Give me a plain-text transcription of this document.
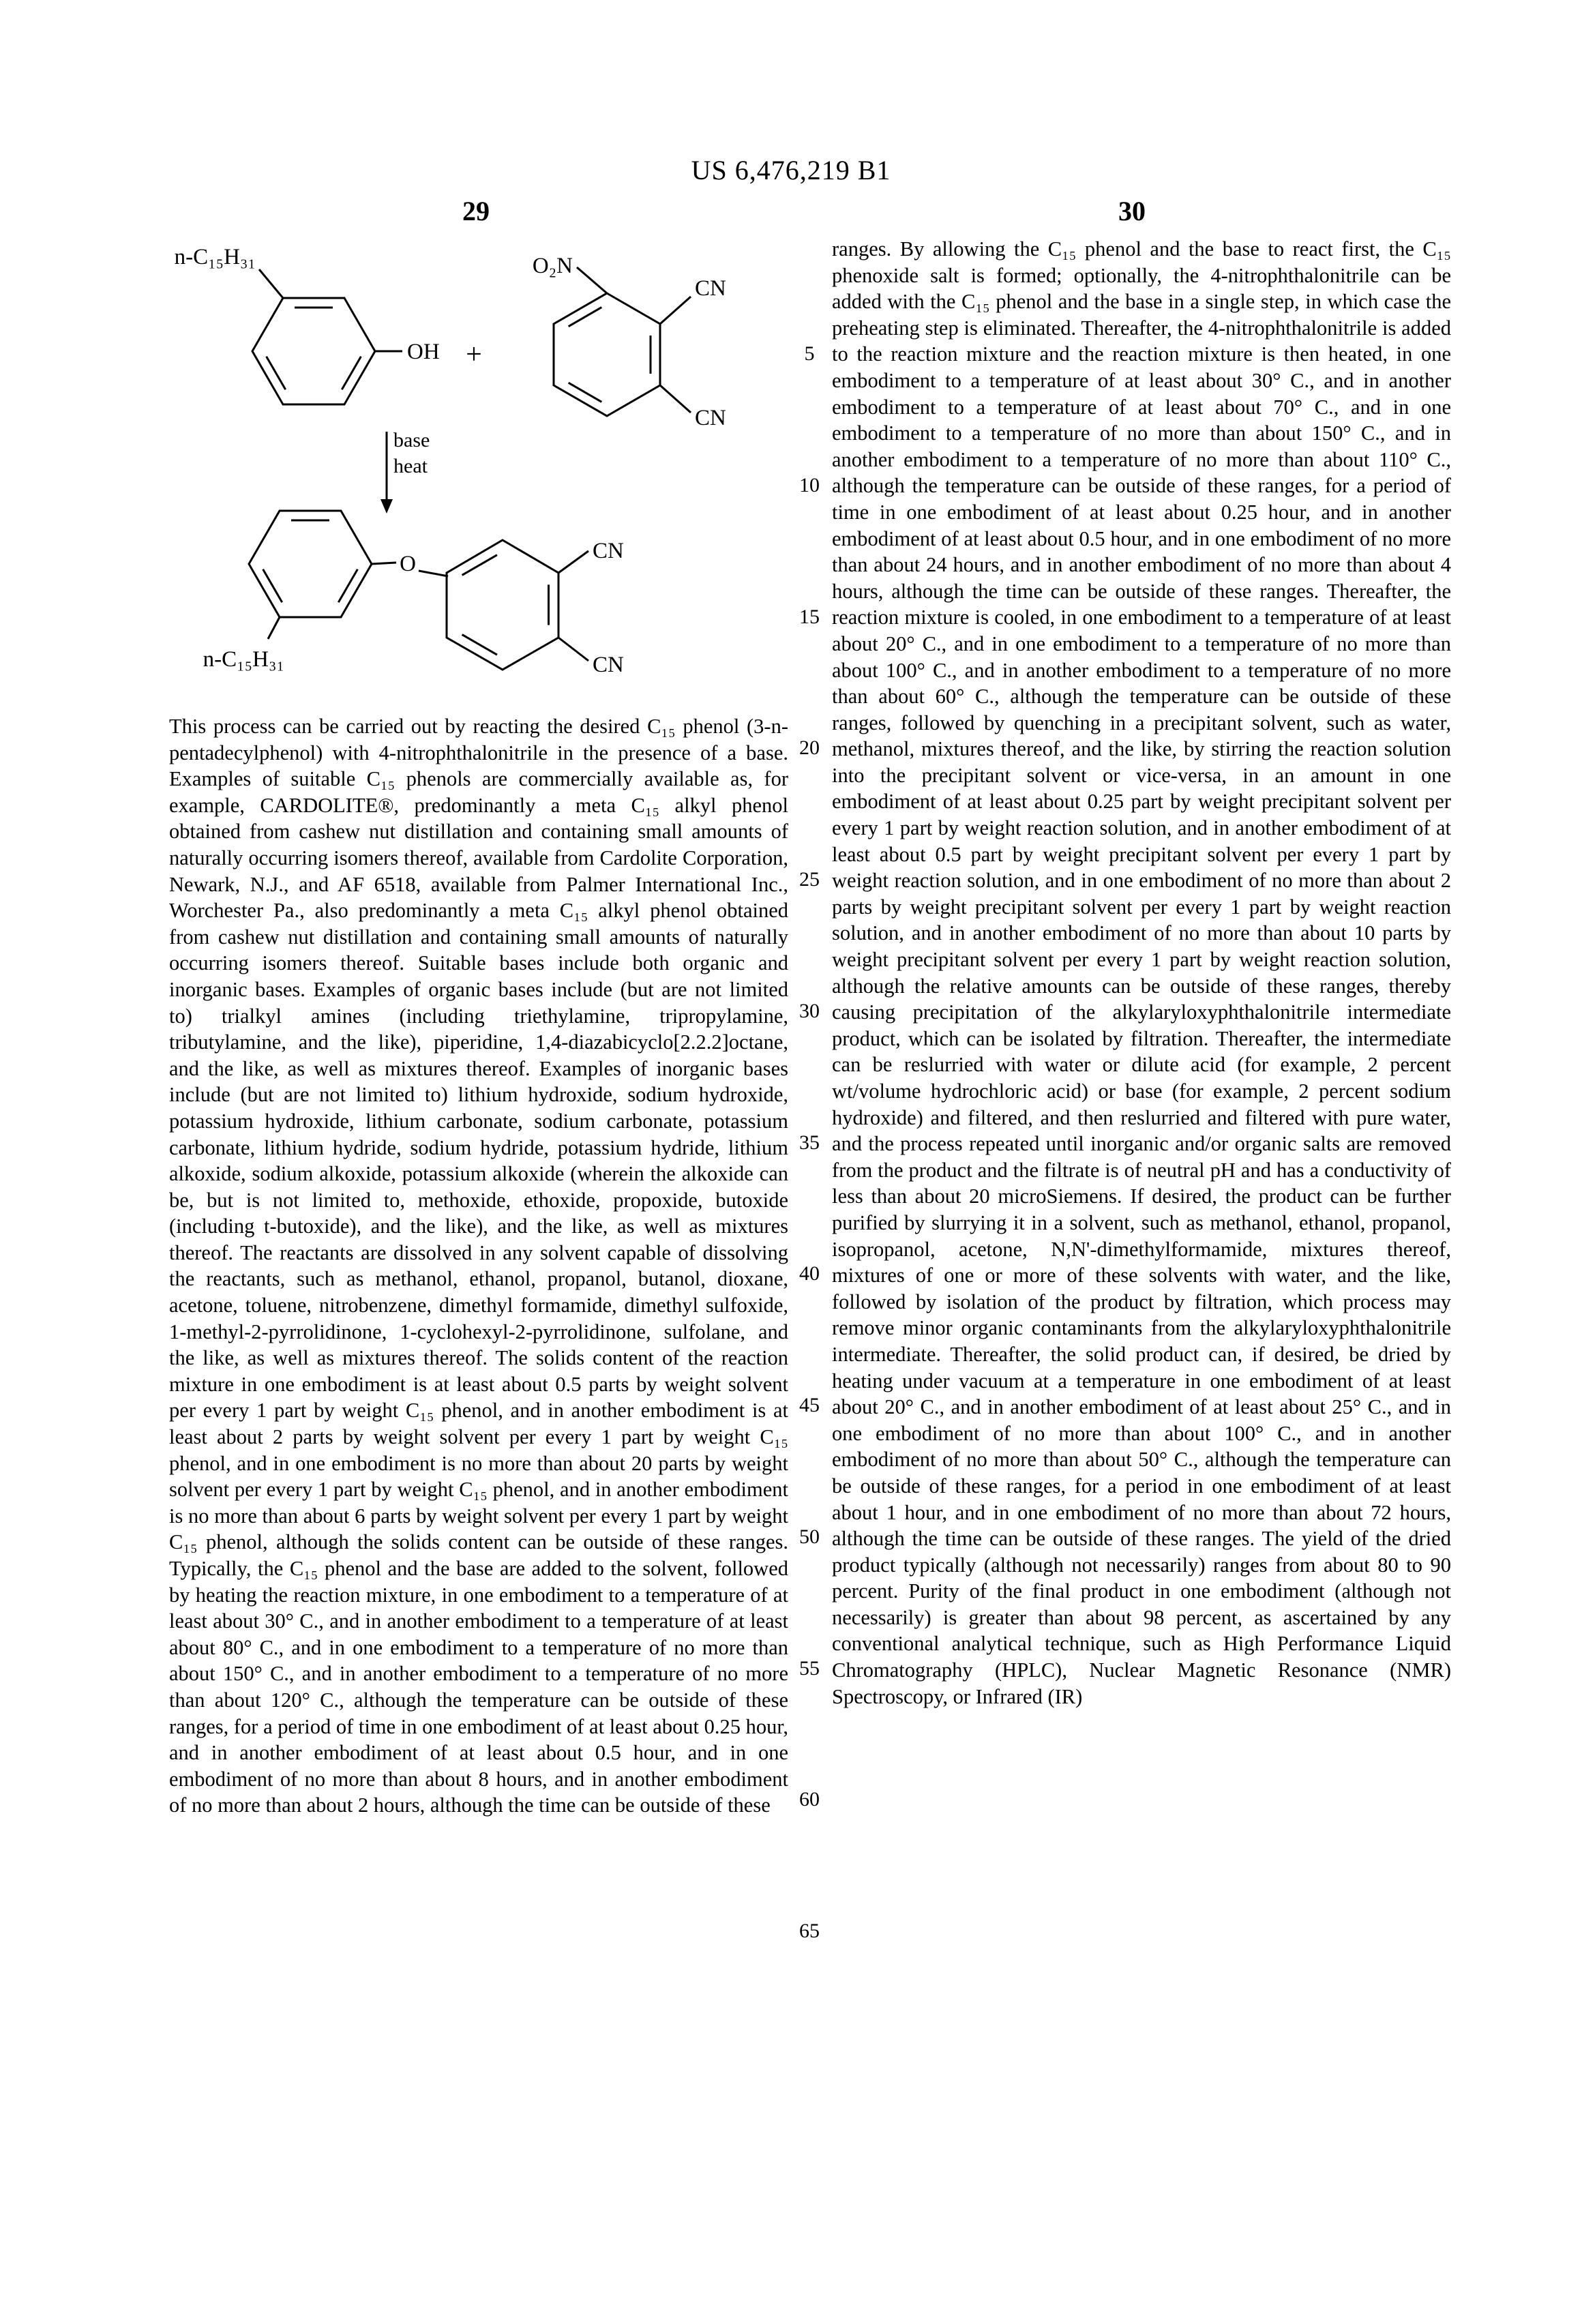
US 6,476,219 B1
29	30
n-C₁₅H₃₁
OH +
O₂N
CN
CN
base
heat
n-C₁₅H₃₁
O
CN
CN
This process can be carried out by reacting the desired C₁₅ phenol (3-n-pentadecylphenol) with 4-nitrophthalonitrile in the presence of a base. Examples of suitable C₁₅ phenols are commercially available as, for example, CARDOLITE®, predominantly a meta C₁₅ alkyl phenol obtained from cashew nut distillation and containing small amounts of naturally occurring isomers thereof, available from Cardolite Corporation, Newark, N.J., and AF 6518, available from Palmer International Inc., Worchester Pa., also predominantly a meta C₁₅ alkyl phenol obtained from cashew nut distillation and containing small amounts of naturally occurring isomers thereof. Suitable bases include both organic and inorganic bases. Examples of organic bases include (but are not limited to) trialkyl amines (including triethylamine, tripropylamine, tributylamine, and the like), piperidine, 1,4-diazabicyclo[2.2.2]octane, and the like, as well as mixtures thereof. Examples of inorganic bases include (but are not limited to) lithium hydroxide, sodium hydroxide, potassium hydroxide, lithium carbonate, sodium carbonate, potassium carbonate, lithium hydride, sodium hydride, potassium hydride, lithium alkoxide, sodium alkoxide, potassium alkoxide (wherein the alkoxide can be, but is not limited to, methoxide, ethoxide, propoxide, butoxide (including t-butoxide), and the like), and the like, as well as mixtures thereof. The reactants are dissolved in any solvent capable of dissolving the reactants, such as methanol, ethanol, propanol, butanol, dioxane, acetone, toluene, nitrobenzene, dimethyl formamide, dimethyl sulfoxide, 1-methyl-2-pyrrolidinone, 1-cyclohexyl-2-pyrrolidinone, sulfolane, and the like, as well as mixtures thereof. The solids content of the reaction mixture in one embodiment is at least about 0.5 parts by weight solvent per every 1 part by weight C₁₅ phenol, and in another embodiment is at least about 2 parts by weight solvent per every 1 part by weight C₁₅ phenol, and in one embodiment is no more than about 20 parts by weight solvent per every 1 part by weight C₁₅ phenol, and in another embodiment is no more than about 6 parts by weight solvent per every 1 part by weight C₁₅ phenol, although the solids content can be outside of these ranges. Typically, the C₁₅ phenol and the base are added to the solvent, followed by heating the reaction mixture, in one embodiment to a temperature of at least about 30° C., and in another embodiment to a temperature of at least about 80° C., and in one embodiment to a temperature of no more than about 150° C., and in another embodiment to a temperature of no more than about 120° C., although the temperature can be outside of these ranges, for a period of time in one embodiment of at least about 0.25 hour, and in another embodiment of at least about 0.5 hour, and in one embodiment of no more than about 8 hours, and in another embodiment of no more than about 2 hours, although the time can be outside of these
ranges. By allowing the C₁₅ phenol and the base to react first, the C₁₅ phenoxide salt is formed; optionally, the 4-nitrophthalonitrile can be added with the C₁₅ phenol and the base in a single step, in which case the preheating step is eliminated. Thereafter, the 4-nitrophthalonitrile is added to the reaction mixture and the reaction mixture is then heated, in one embodiment to a temperature of at least about 30° C., and in another embodiment to a temperature of at least about 70° C., and in one embodiment to a temperature of no more than about 150° C., and in another embodiment to a temperature of no more than about 110° C., although the temperature can be outside of these ranges, for a period of time in one embodiment of at least about 0.25 hour, and in another embodiment of at least about 0.5 hour, and in one embodiment of no more than about 24 hours, and in another embodiment of no more than about 4 hours, although the time can be outside of these ranges. Thereafter, the reaction mixture is cooled, in one embodiment to a temperature of at least about 20° C., and in one embodiment to a temperature of no more than about 100° C., and in another embodiment to a temperature of no more than about 60° C., although the temperature can be outside of these ranges, followed by quenching in a precipitant solvent, such as water, methanol, mixtures thereof, and the like, by stirring the reaction solution into the precipitant solvent or vice-versa, in an amount in one embodiment of at least about 0.25 part by weight precipitant solvent per every 1 part by weight reaction solution, and in another embodiment of at least about 0.5 part by weight precipitant solvent per every 1 part by weight reaction solution, and in one embodiment of no more than about 2 parts by weight precipitant solvent per every 1 part by weight reaction solution, and in another embodiment of no more than about 10 parts by weight precipitant solvent per every 1 part by weight reaction solution, although the relative amounts can be outside of these ranges, thereby causing precipitation of the alkylaryloxyphthalonitrile intermediate product, which can be isolated by filtration. Thereafter, the intermediate can be reslurried with water or dilute acid (for example, 2 percent wt/volume hydrochloric acid) or base (for example, 2 percent sodium hydroxide) and filtered, and then reslurried and filtered with pure water, and the process repeated until inorganic and/or organic salts are removed from the product and the filtrate is of neutral pH and has a conductivity of less than about 20 microSiemens. If desired, the product can be further purified by slurrying it in a solvent, such as methanol, ethanol, propanol, isopropanol, acetone, N,N'-dimethylformamide, mixtures thereof, mixtures of one or more of these solvents with water, and the like, followed by isolation of the product by filtration, which process may remove minor organic contaminants from the alkylaryloxyphthalonitrile intermediate. Thereafter, the solid product can, if desired, be dried by heating under vacuum at a temperature in one embodiment of at least about 20° C., and in another embodiment of at least about 25° C., and in one embodiment of no more than about 100° C., and in another embodiment of no more than about 50° C., although the temperature can be outside of these ranges, for a period in one embodiment of at least about 1 hour, and in one embodiment of no more than about 72 hours, although the time can be outside of these ranges. The yield of the dried product typically (although not necessarily) ranges from about 80 to 90 percent. Purity of the final product in one embodiment (although not necessarily) is greater than about 98 percent, as ascertained by any conventional analytical technique, such as High Performance Liquid Chromatography (HPLC), Nuclear Magnetic Resonance (NMR) Spectroscopy, or Infrared (IR)
5
10
15
20
25
30
35
40
45
50
55
60
65
